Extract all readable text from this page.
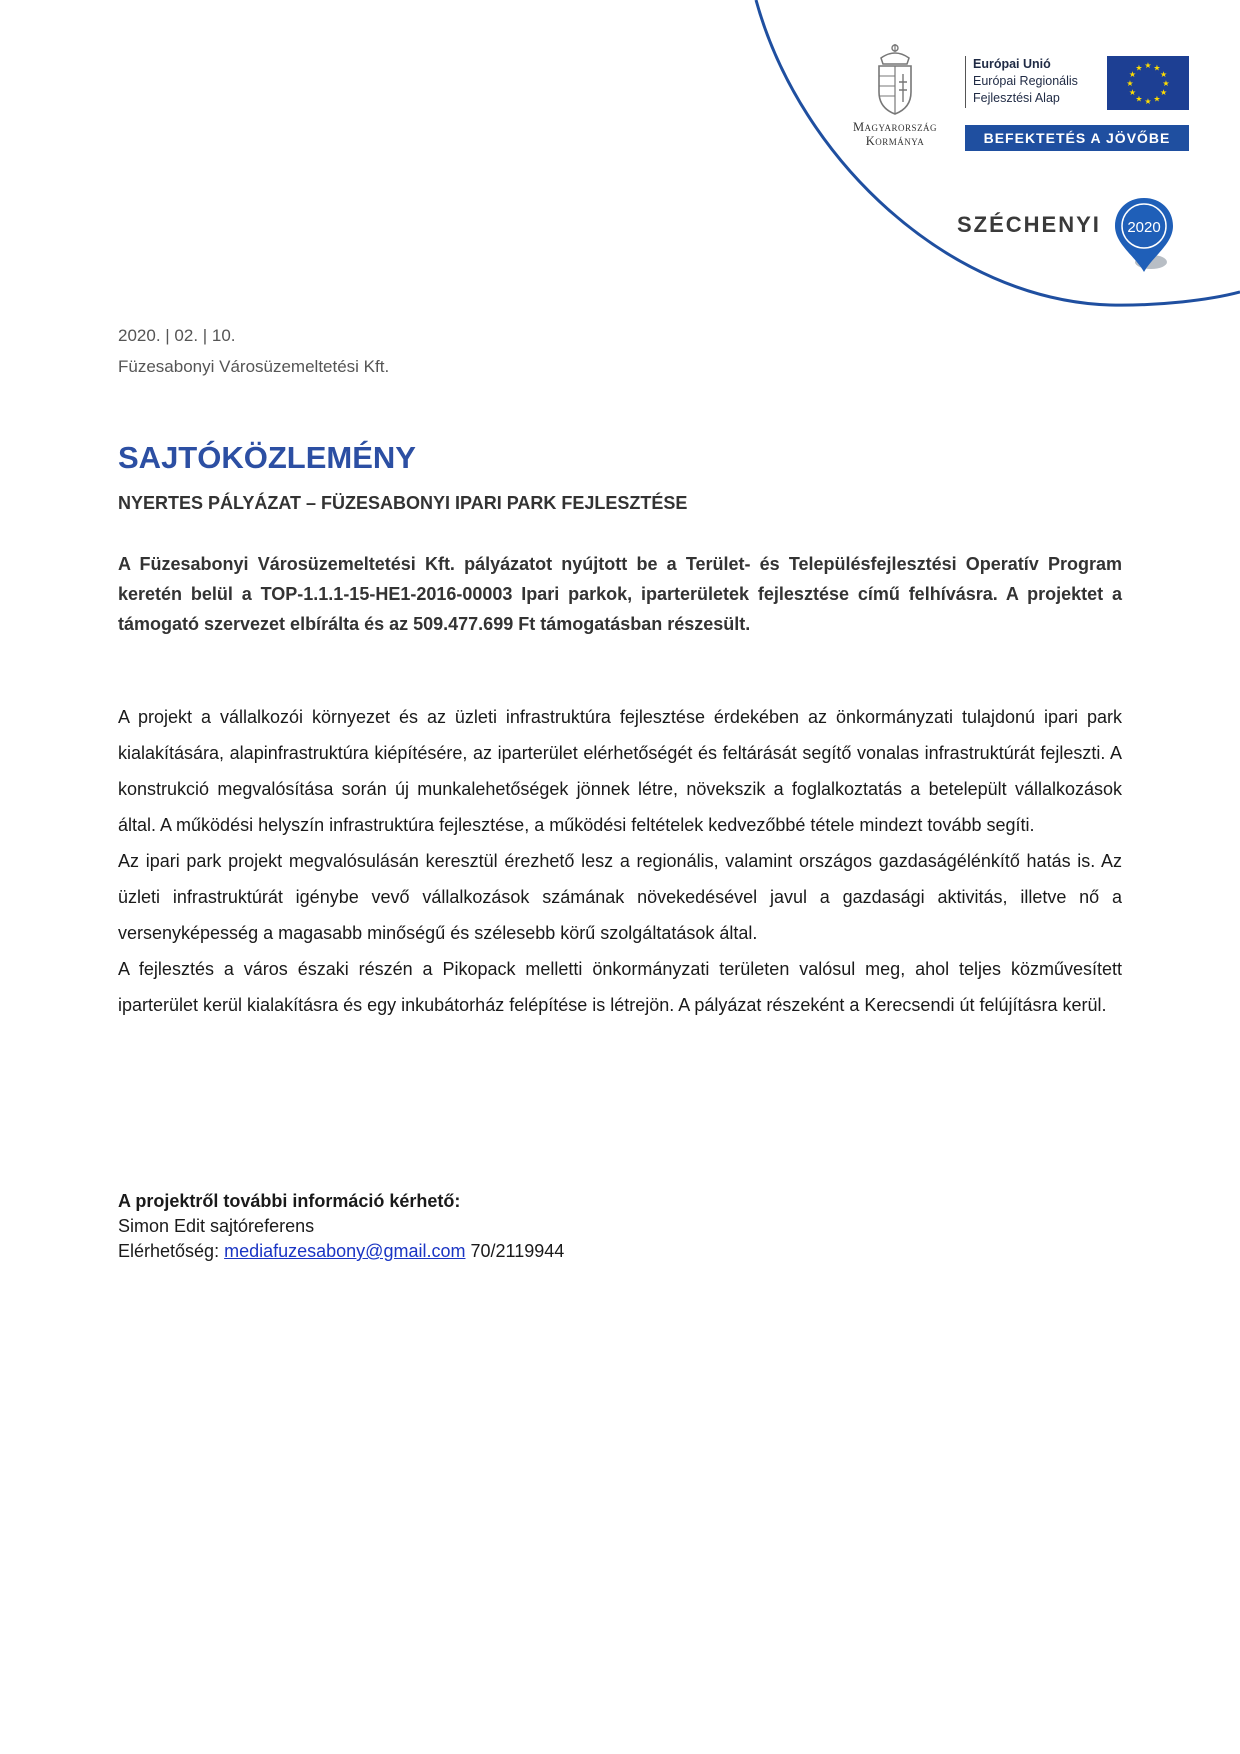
Magyarország
Kormánya
Európai Unió
Európai Regionális
Fejlesztési Alap
★
★
★
★
★
★
★
★
★ ★ ★
★
BEFEKTETÉS A JÖVŐBE
SZÉCHENYI 2020
2020. | 02. | 10.
Füzesabonyi Városüzemeltetési Kft.
SAJTÓKÖZLEMÉNY
NYERTES PÁLYÁZAT – FÜZESABONYI IPARI PARK FEJLESZTÉSE

A Füzesabonyi Városüzemeltetési Kft. pályázatot nyújtott be a Terület- és Településfejlesztési Operatív Program keretén belül a TOP-1.1.1-15-HE1-2016-00003 Ipari parkok, iparterületek fejlesztése című felhívásra. A projektet a támogató szervezet elbírálta és az 509.477.699 Ft támogatásban részesült.

A projekt a vállalkozói környezet és az üzleti infrastruktúra fejlesztése érdekében az önkormányzati tulajdonú ipari park kialakítására, alapinfrastruktúra kiépítésére, az iparterület elérhetőségét és feltárását segítő vonalas infrastruktúrát fejleszti. A konstrukció megvalósítása során új munkalehetőségek jönnek létre, növekszik a foglalkoztatás a betelepült vállalkozások által. A működési helyszín infrastruktúra fejlesztése, a működési feltételek kedvezőbbé tétele mindezt tovább segíti.

Az ipari park projekt megvalósulásán keresztül érezhető lesz a regionális, valamint országos gazdaságélénkítő hatás is. Az üzleti infrastruktúrát igénybe vevő vállalkozások számának növekedésével javul a gazdasági aktivitás, illetve nő a versenyképesség a magasabb minőségű és szélesebb körű szolgáltatások által.

A fejlesztés a város északi részén a Pikopack melletti önkormányzati területen valósul meg, ahol teljes közművesített iparterület kerül kialakításra és egy inkubátorház felépítése is létrejön. A pályázat részeként a Kerecsendi út felújításra kerül.

A projektről további információ kérhető:
Simon Edit sajtóreferens
Elérhetőség: mediafuzesabony@gmail.com 70/2119944
